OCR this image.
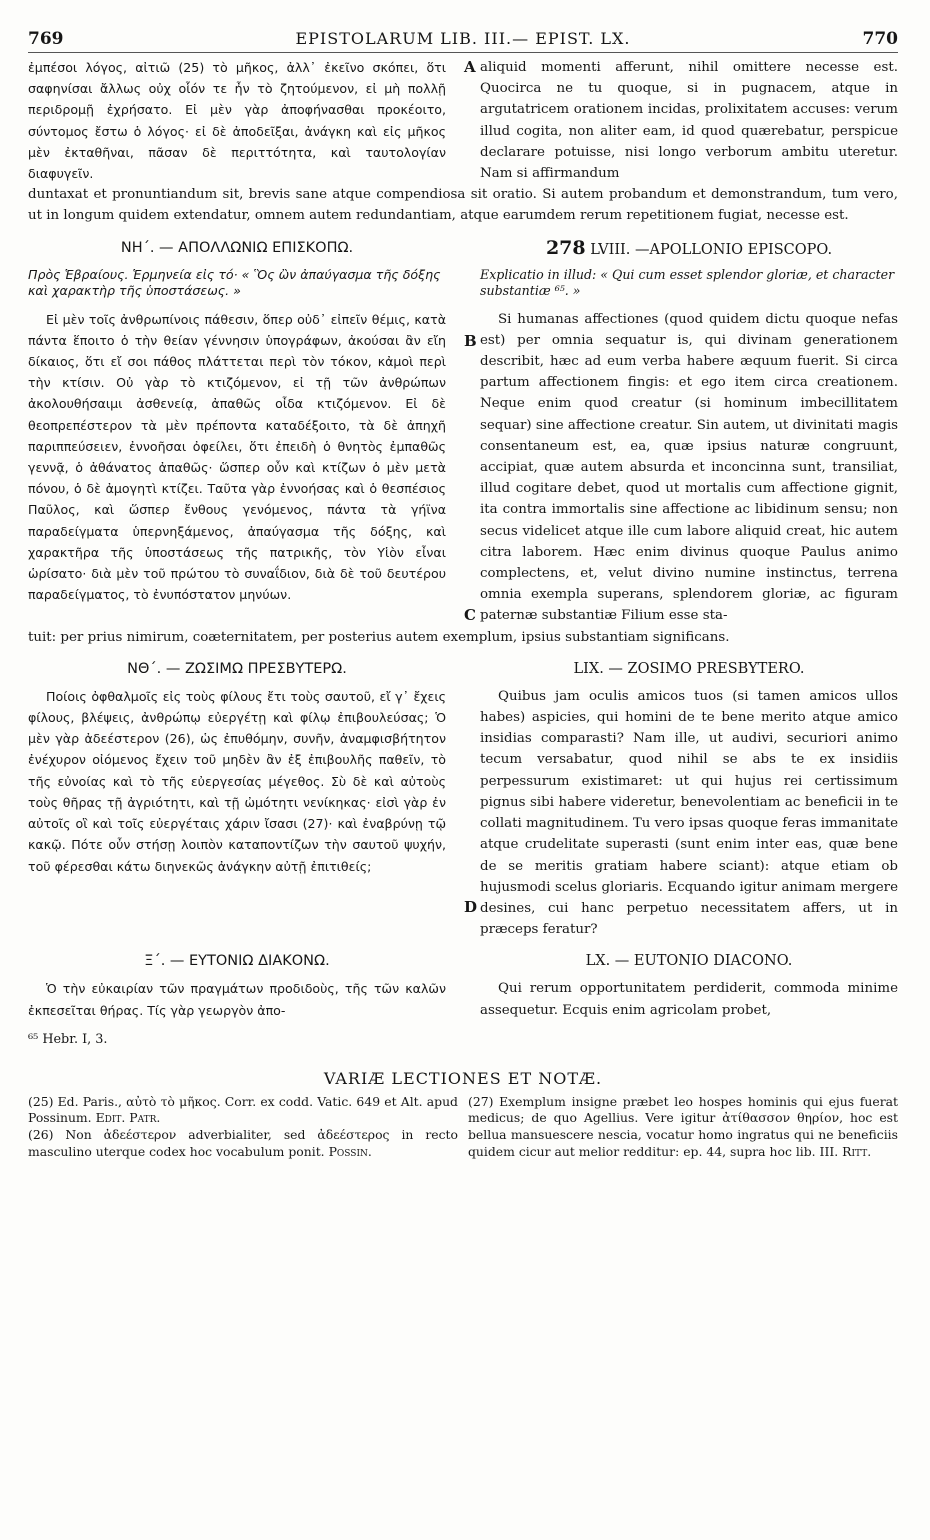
769	EPISTOLARUM LIB. III.— EPIST. LX.	770
ἐμπέσοι λόγος, αἰτιῶ (25) τὸ μῆκος, ἀλλ᾽ ἐκεῖνο σκόπει, ὅτι σαφηνίσαι ἄλλως οὐχ οἷόν τε ἦν τὸ ζητούμενον, εἰ μὴ πολλῇ περιδρομῇ ἐχρήσατο. Εἰ μὲν γὰρ ἀποφήνασθαι προκέοιτο, σύντομος ἔστω ὁ λόγος· εἰ δὲ ἀποδεῖξαι, ἀνάγκη καὶ εἰς μῆκος μὲν ἐκταθῆναι, πᾶσαν δὲ περιττότητα, καὶ ταυτολογίαν διαφυγεῖν.
A aliquid momenti afferunt, nihil omittere necesse est. Quocirca ne tu quoque, si in pugnacem, atque in argutatricem orationem incidas, prolixitatem accuses: verum illud cogita, non aliter eam, id quod quærebatur, perspicue declarare potuisse, nisi longo verborum ambitu uteretur. Nam si affirmandum
duntaxat et pronuntiandum sit, brevis sane atque compendiosa sit oratio. Si autem probandum et demonstrandum, tum vero, ut in longum quidem extendatur, omnem autem redundantiam, atque earumdem rerum repetitionem fugiat, necesse est.
ΝΗ΄. — ΑΠΟΛΛΩΝΙΩ ΕΠΙΣΚΟΠΩ.	278 LVIII. —APOLLONIO EPISCOPO.
Πρὸς Ἑβραίους. Ἑρμηνεία εἰς τό· « Ὃς ὢν ἀπαύγασμα τῆς δόξης καὶ χαρακτὴρ τῆς ὑποστάσεως. »
Explicatio in illud: « Qui cum esset splendor gloriæ, et character substantiæ ⁶⁵. »
Εἰ μὲν τοῖς ἀνθρωπίνοις πάθεσιν, ὅπερ οὐδ᾽ εἰπεῖν θέμις, κατὰ πάντα ἕποιτο ὁ τὴν θείαν γέννησιν ὑπογράφων, ἀκούσαι ἂν εἴη δίκαιος, ὅτι εἴ σοι πάθος πλάττεται περὶ τὸν τόκον, κἀμοὶ περὶ τὴν κτίσιν. Οὐ γὰρ τὸ κτιζόμενον, εἰ τῇ τῶν ἀνθρώπων ἀκολουθήσαιμι ἀσθενείᾳ, ἀπαθῶς οἶδα κτιζόμενον. Εἰ δὲ θεοπρεπέστερον τὰ μὲν πρέποντα καταδέξοιτο, τὰ δὲ ἀπηχῆ παριππεύσειεν, ἐννοῆσαι ὀφείλει, ὅτι ἐπειδὴ ὁ θνητὸς ἐμπαθῶς γεννᾷ, ὁ ἀθάνατος ἀπαθῶς· ὥσπερ οὖν καὶ κτίζων ὁ μὲν μετὰ πόνου, ὁ δὲ ἀμογητὶ κτίζει. Ταῦτα γὰρ ἐννοήσας καὶ ὁ θεσπέσιος Παῦλος, καὶ ὥσπερ ἔνθους γενόμενος, πάντα τὰ γήϊνα παραδείγματα ὑπερνηξάμενος, ἀπαύγασμα τῆς δόξης, καὶ χαρακτῆρα τῆς ὑποστάσεως τῆς πατρικῆς, τὸν Υἱὸν εἶναι ὡρίσατο· διὰ μὲν τοῦ πρώτου τὸ συναΐδιον, διὰ δὲ τοῦ δευτέρου παραδείγματος, τὸ ἐνυπόστατον μηνύων.
B
C
Si humanas affectiones (quod quidem dictu quoque nefas est) per omnia sequatur is, qui divinam generationem describit, hæc ad eum verba habere æquum fuerit. Si circa partum affectionem fingis: et ego item circa creationem. Neque enim quod creatur (si hominum imbecillitatem sequar) sine affectione creatur. Sin autem, ut divinitati magis consentaneum est, ea, quæ ipsius naturæ congruunt, accipiat, quæ autem absurda et inconcinna sunt, transiliat, illud cogitare debet, quod ut mortalis cum affectione gignit, ita contra immortalis sine affectione ac libidinum sensu; non secus videlicet atque ille cum labore aliquid creat, hic autem citra laborem. Hæc enim divinus quoque Paulus animo complectens, et, velut divino numine instinctus, terrena omnia exempla superans, splendorem gloriæ, ac figuram paternæ substantiæ Filium esse sta-
tuit: per prius nimirum, coæternitatem, per posterius autem exemplum, ipsius substantiam significans.
ΝΘ΄. — ΖΩΣΙΜΩ ΠΡΕΣΒΥΤΕΡΩ.	LIX. — ZOSIMO PRESBYTERO.
Ποίοις ὀφθαλμοῖς εἰς τοὺς φίλους ἔτι τοὺς σαυτοῦ, εἴ γ᾽ ἔχεις φίλους, βλέψεις, ἀνθρώπῳ εὐεργέτῃ καὶ φίλῳ ἐπιβουλεύσας; Ὁ μὲν γὰρ ἀδεέστερον (26), ὡς ἐπυθόμην, συνῆν, ἀναμφισβήτητον ἐνέχυρον οἰόμενος ἔχειν τοῦ μηδὲν ἂν ἐξ ἐπιβουλῆς παθεῖν, τὸ τῆς εὐνοίας καὶ τὸ τῆς εὐεργεσίας μέγεθος. Σὺ δὲ καὶ αὐτοὺς τοὺς θῆρας τῇ ἀγριότητι, καὶ τῇ ὠμότητι νενίκηκας· εἰσὶ γὰρ ἐν αὐτοῖς οἳ καὶ τοῖς εὐεργέταις χάριν ἴσασι (27)· καὶ ἐναβρύνῃ τῷ κακῷ. Πότε οὖν στήσῃ λοιπὸν καταποντίζων τὴν σαυτοῦ ψυχήν, τοῦ φέρεσθαι κάτω διηνεκῶς ἀνάγκην αὐτῇ ἐπιτιθείς;
D
Quibus jam oculis amicos tuos (si tamen amicos ullos habes) aspicies, qui homini de te bene merito atque amico insidias comparasti? Nam ille, ut audivi, securiori animo tecum versabatur, quod nihil se abs te ex insidiis perpessurum existimaret: ut qui hujus rei certissimum pignus sibi habere videretur, benevolentiam ac beneficii in te collati magnitudinem. Tu vero ipsas quoque feras immanitate atque crudelitate superasti (sunt enim inter eas, quæ bene de se meritis gratiam habere sciant): atque etiam ob hujusmodi scelus gloriaris. Ecquando igitur animam mergere desines, cui hanc perpetuo necessitatem affers, ut in præceps feratur?
Ξ΄. — ΕΥΤΟΝΙΩ ΔΙΑΚΟΝΩ.	LX. — EUTONIO DIACONO.
Ὁ τὴν εὐκαιρίαν τῶν πραγμάτων προδιδοὺς, τῆς τῶν καλῶν ἐκπεσεῖται θήρας. Τίς γὰρ γεωργὸν ἀπο-
Qui rerum opportunitatem perdiderit, commoda minime assequetur. Ecquis enim agricolam probet,
⁶⁵ Hebr. I, 3.
VARIÆ LECTIONES ET NOTÆ.

(25) Ed. Paris., αὐτὸ τὸ μῆκος. Corr. ex codd. Vatic. 649 et Alt. apud Possinum. Edit. Patr.

(26) Non ἀδεέστερον adverbialiter, sed ἀδεέστερος in recto masculino uterque codex hoc vocabulum ponit. Possin.

(27) Exemplum insigne præbet leo hospes hominis qui ejus fuerat medicus; de quo Agellius. Vere igitur ἀτίθασσον θηρίον, hoc est bellua mansuescere nescia, vocatur homo ingratus qui ne beneficiis quidem cicur aut melior redditur: ep. 44, supra hoc lib. III. Ritt.
